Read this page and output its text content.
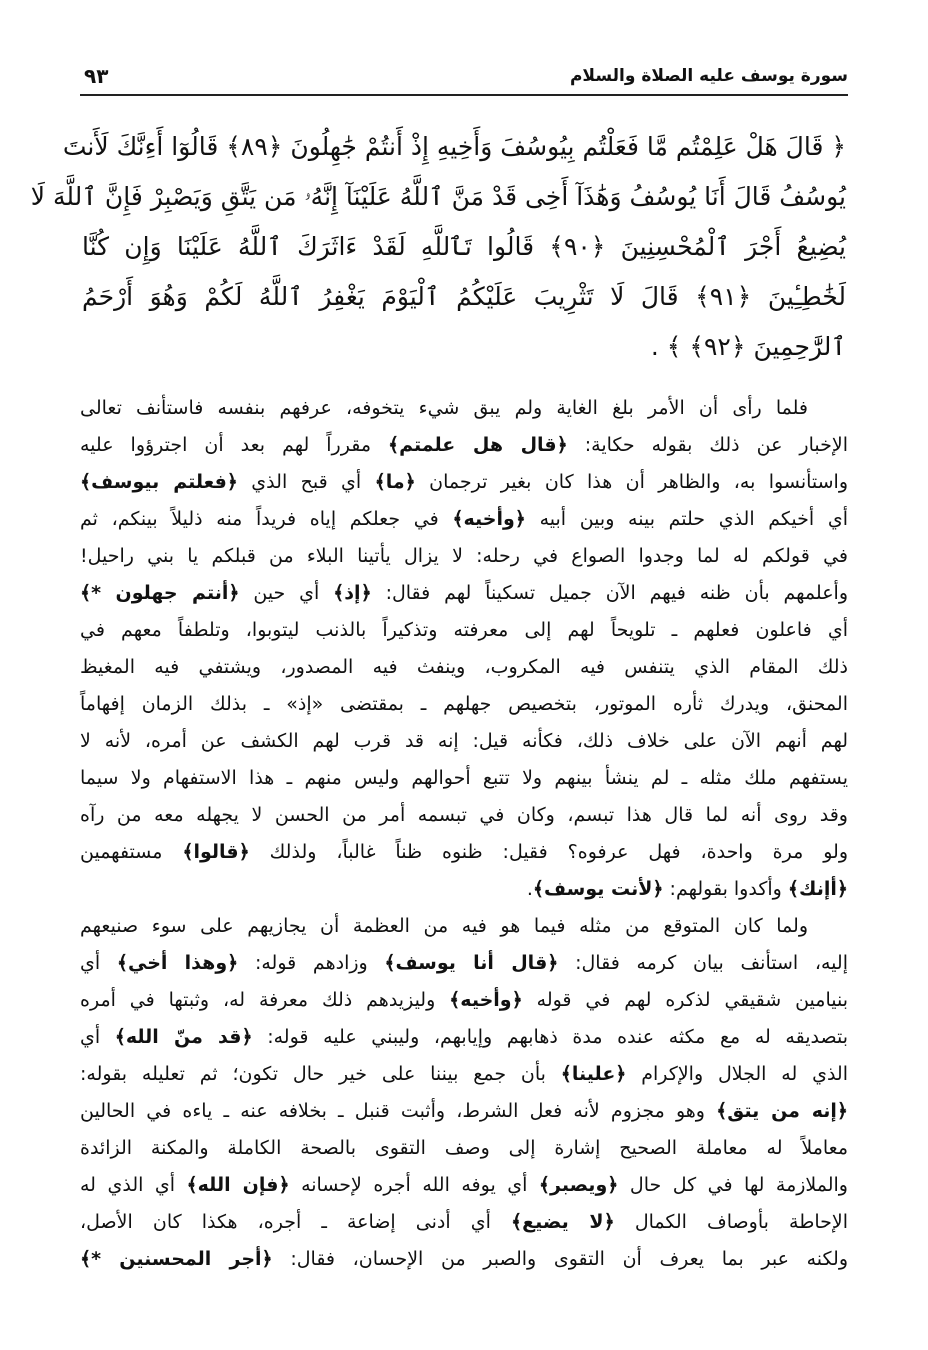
سورة يوسف عليه الصلاة والسلام
٩٣
﴿ قَالَ هَلْ عَلِمْتُم مَّا فَعَلْتُم بِيُوسُفَ وَأَخِيهِ إِذْ أَنتُمْ جَٰهِلُونَ ﴿٨٩﴾ قَالُوٓا أَءِنَّكَ لَأَنتَ
يُوسُفُ قَالَ أَنَا يُوسُفُ وَهَٰذَآ أَخِى قَدْ مَنَّ ٱللَّهُ عَلَيْنَآ إِنَّهُۥ مَن يَتَّقِ وَيَصْبِرْ فَإِنَّ ٱللَّهَ لَا
يُضِيعُ أَجْرَ ٱلْمُحْسِنِينَ ﴿٩٠﴾ قَالُوا تَٱللَّهِ لَقَدْ ءَاثَرَكَ ٱللَّهُ عَلَيْنَا وَإِن كُنَّا
لَخَٰطِـِٔينَ ﴿٩١﴾ قَالَ لَا تَثْرِيبَ عَلَيْكُمُ ٱلْيَوْمَ يَغْفِرُ ٱللَّهُ لَكُمْ وَهُوَ أَرْحَمُ
ٱلرَّٰحِمِينَ ﴿٩٢﴾ ﴾ .
فلما رأى أن الأمر بلغ الغاية ولم يبق شيء يتخوفه، عرفهم بنفسه فاستأنف تعالى
الإخبار عن ذلك بقوله حكاية: ﴿قال هل علمتم﴾ مقرراً لهم بعد أن اجترؤوا عليه
واستأنسوا به، والظاهر أن هذا كان بغير ترجمان ﴿ما﴾ أي قبح الذي ﴿فعلتم بيوسف﴾
أي أخيكم الذي حلتم بينه وبين أبيه ﴿وأخيه﴾ في جعلكم إياه فريداً منه ذليلاً بينكم، ثم
في قولكم له لما وجدوا الصواع في رحله: لا يزال يأتينا البلاء من قبلكم يا بني راحيل!
وأعلمهم بأن ظنه فيهم الآن جميل تسكيناً لهم فقال: ﴿إذ﴾ أي حين ﴿أنتم جهلون *﴾
أي فاعلون فعلهم ـ تلويحاً لهم إلى معرفته وتذكيراً بالذنب ليتوبوا، وتلطفاً معهم في
ذلك المقام الذي يتنفس فيه المكروب، وينفث فيه المصدور، ويشتفي فيه المغيظ
المحنق، ويدرك ثأره الموتور، بتخصيص جهلهم ـ بمقتضى «إذ» ـ بذلك الزمان إفهاماً
لهم أنهم الآن على خلاف ذلك، فكأنه قيل: إنه قد قرب لهم الكشف عن أمره، لأنه لا
يستفهم ملك مثله ـ لم ينشأ بينهم ولا تتبع أحوالهم وليس منهم ـ هذا الاستفهام ولا سيما
وقد روى أنه لما قال هذا تبسم، وكان في تبسمه أمر من الحسن لا يجهله معه من رآه
ولو مرة واحدة، فهل عرفوه؟ فقيل: ظنوه ظناً غالباً، ولذلك ﴿قالوا﴾ مستفهمين
﴿أإنك﴾ وأكدوا بقولهم: ﴿لأنت يوسف﴾.
ولما كان المتوقع من مثله فيما هو فيه من العظمة أن يجازيهم على سوء صنيعهم
إليه، استأنف بيان كرمه فقال: ﴿قال أنا يوسف﴾ وزادهم قوله: ﴿وهذا أخي﴾ أي
بنيامين شقيقي لذكره لهم في قوله ﴿وأخيه﴾ وليزيدهم ذلك معرفة له، وثبتها في أمره
بتصديقه له مع مكثه عنده مدة ذهابهم وإيابهم، وليبني عليه قوله: ﴿قد منّ الله﴾ أي
الذي له الجلال والإكرام ﴿علينا﴾ بأن جمع بيننا على خير حال تكون؛ ثم تعليله بقوله:
﴿إنه من يتق﴾ وهو مجزوم لأنه فعل الشرط، وأثبت قنبل ـ بخلافه عنه ـ ياءه في الحالين
معاملاً له معاملة الصحيح إشارة إلى وصف التقوى بالصحة الكاملة والمكنة الزائدة
والملازمة لها في كل حال ﴿ويصبر﴾ أي يوفه الله أجره لإحسانه ﴿فإن الله﴾ أي الذي له
الإحاطة بأوصاف الكمال ﴿لا يضيع﴾ أي أدنى إضاعة ـ أجره، هكذا كان الأصل،
ولكنه عبر بما يعرف أن التقوى والصبر من الإحسان، فقال: ﴿أجر المحسنين *﴾
